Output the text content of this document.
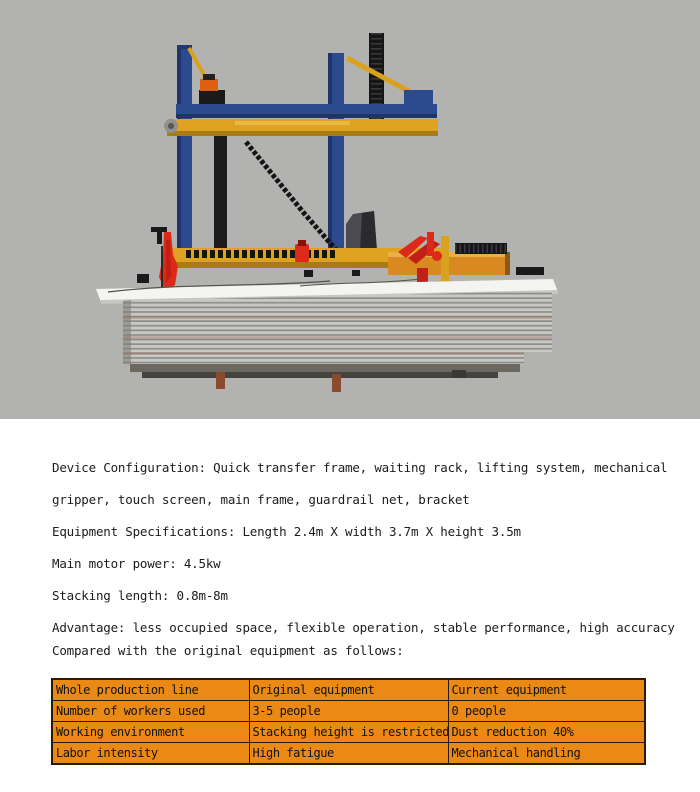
Device Configuration: Quick transfer frame, waiting rack, lifting system, mechanical
gripper, touch screen, main frame, guardrail net, bracket
Equipment Specifications: Length 2.4m X width 3.7m X height 3.5m
Main motor power: 4.5kw
Stacking length: 0.8m-8m
Advantage: less occupied space, flexible operation, stable performance, high accuracy
Compared with the original equipment as follows:
Whole production line	Original equipment	Current equipment
Number of workers used	3-5 people	0 people
Working environment	Stacking height is restricted	Dust reduction 40%
Labor intensity	High fatigue	Mechanical handling
